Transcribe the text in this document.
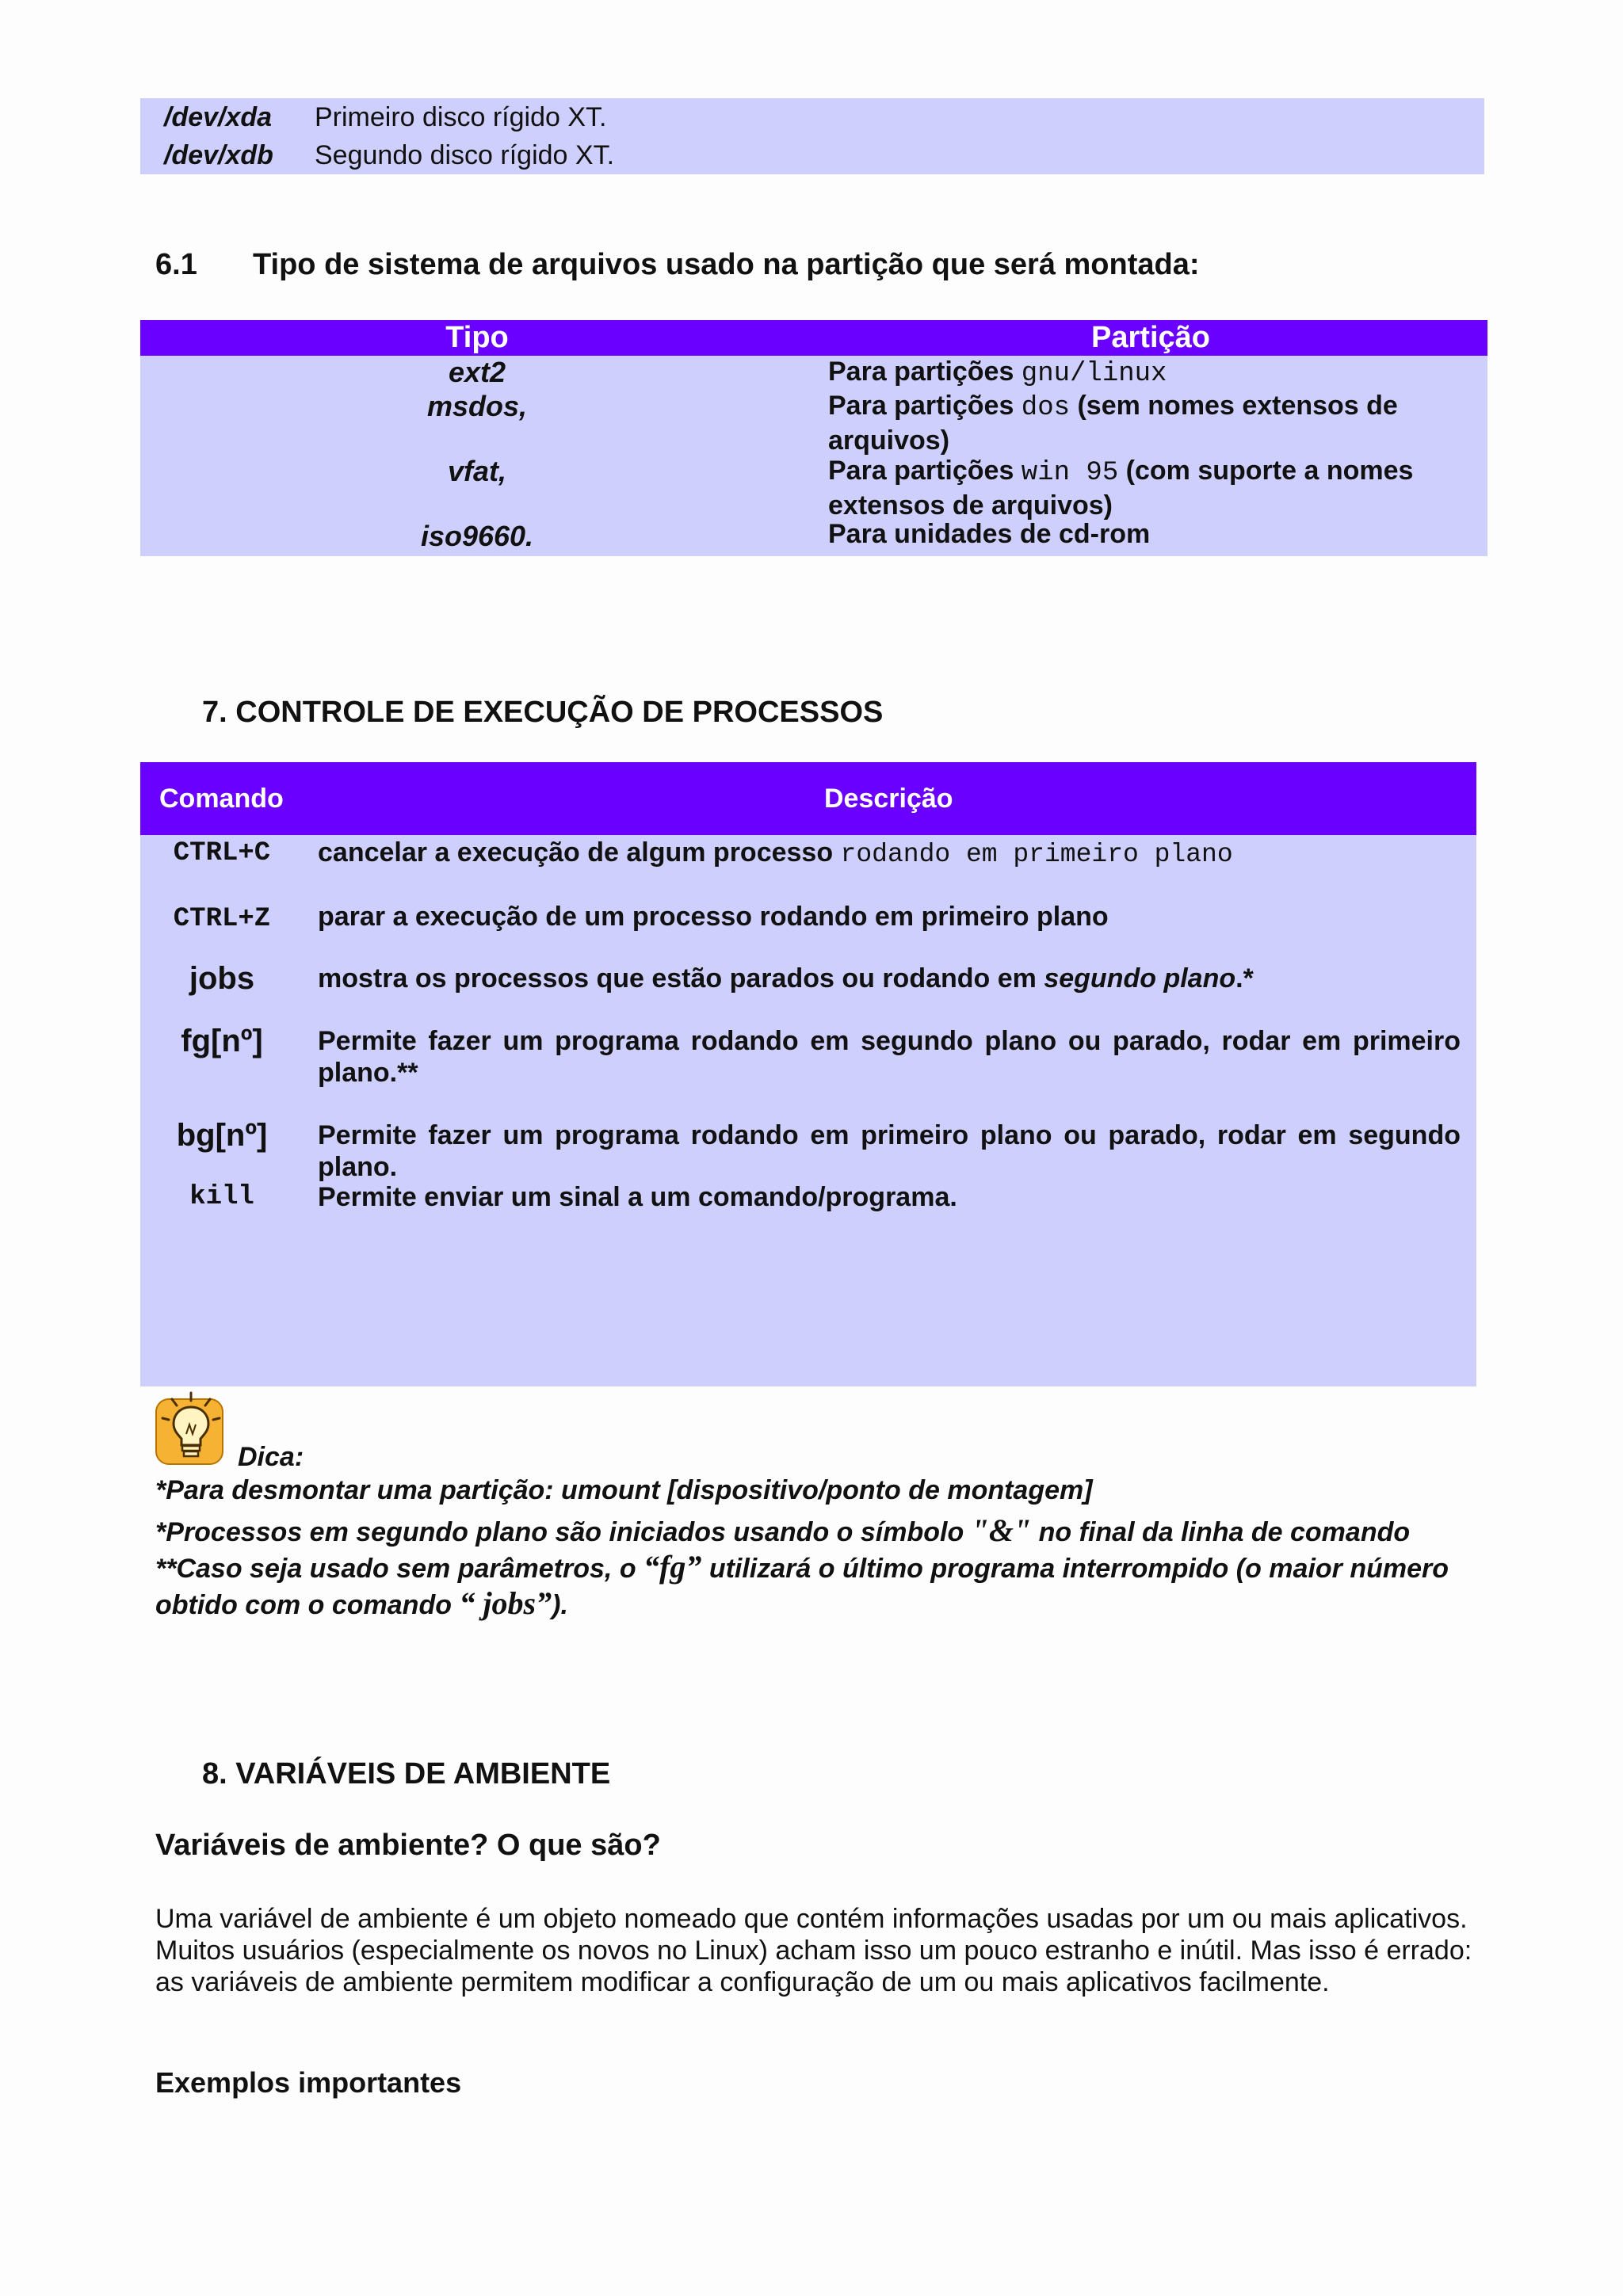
/dev/xda Primeiro disco rígido XT.
/dev/xdb Segundo disco rígido XT.
6.1 Tipo de sistema de arquivos usado na partição que será montada:
Tipo	Partição
ext2	Para partições gnu/linux
msdos,	Para partições dos (sem nomes extensos de arquivos)
vfat,	Para partições win 95 (com suporte a nomes extensos de arquivos)
iso9660.	Para unidades de cd-rom
7. CONTROLE DE EXECUÇÃO DE PROCESSOS
Comando	Descrição
CTRL+C	cancelar a execução de algum processo rodando em primeiro plano
CTRL+Z	parar a execução de um processo rodando em primeiro plano
jobs	mostra os processos que estão parados ou rodando em segundo plano.*
fg[nº]	Permite fazer um programa rodando em segundo plano ou parado, rodar em primeiro plano.**
bg[nº]	Permite fazer um programa rodando em primeiro plano ou parado, rodar em segundo plano.
kill	Permite enviar um sinal a um comando/programa.
Dica:
*Para desmontar uma partição: umount [dispositivo/ponto de montagem]
*Processos em segundo plano são iniciados usando o símbolo "&" no final da linha de comando
**Caso seja usado sem parâmetros, o “fg” utilizará o último programa interrompido (o maior número
obtido com o comando “ jobs”).
8. VARIÁVEIS DE AMBIENTE
Variáveis de ambiente? O que são?
Uma variável de ambiente é um objeto nomeado que contém informações usadas por um ou mais aplicativos. Muitos usuários (especialmente os novos no Linux) acham isso um pouco estranho e inútil. Mas isso é errado: as variáveis de ambiente permitem modificar a configuração de um ou mais aplicativos facilmente.
Exemplos importantes
